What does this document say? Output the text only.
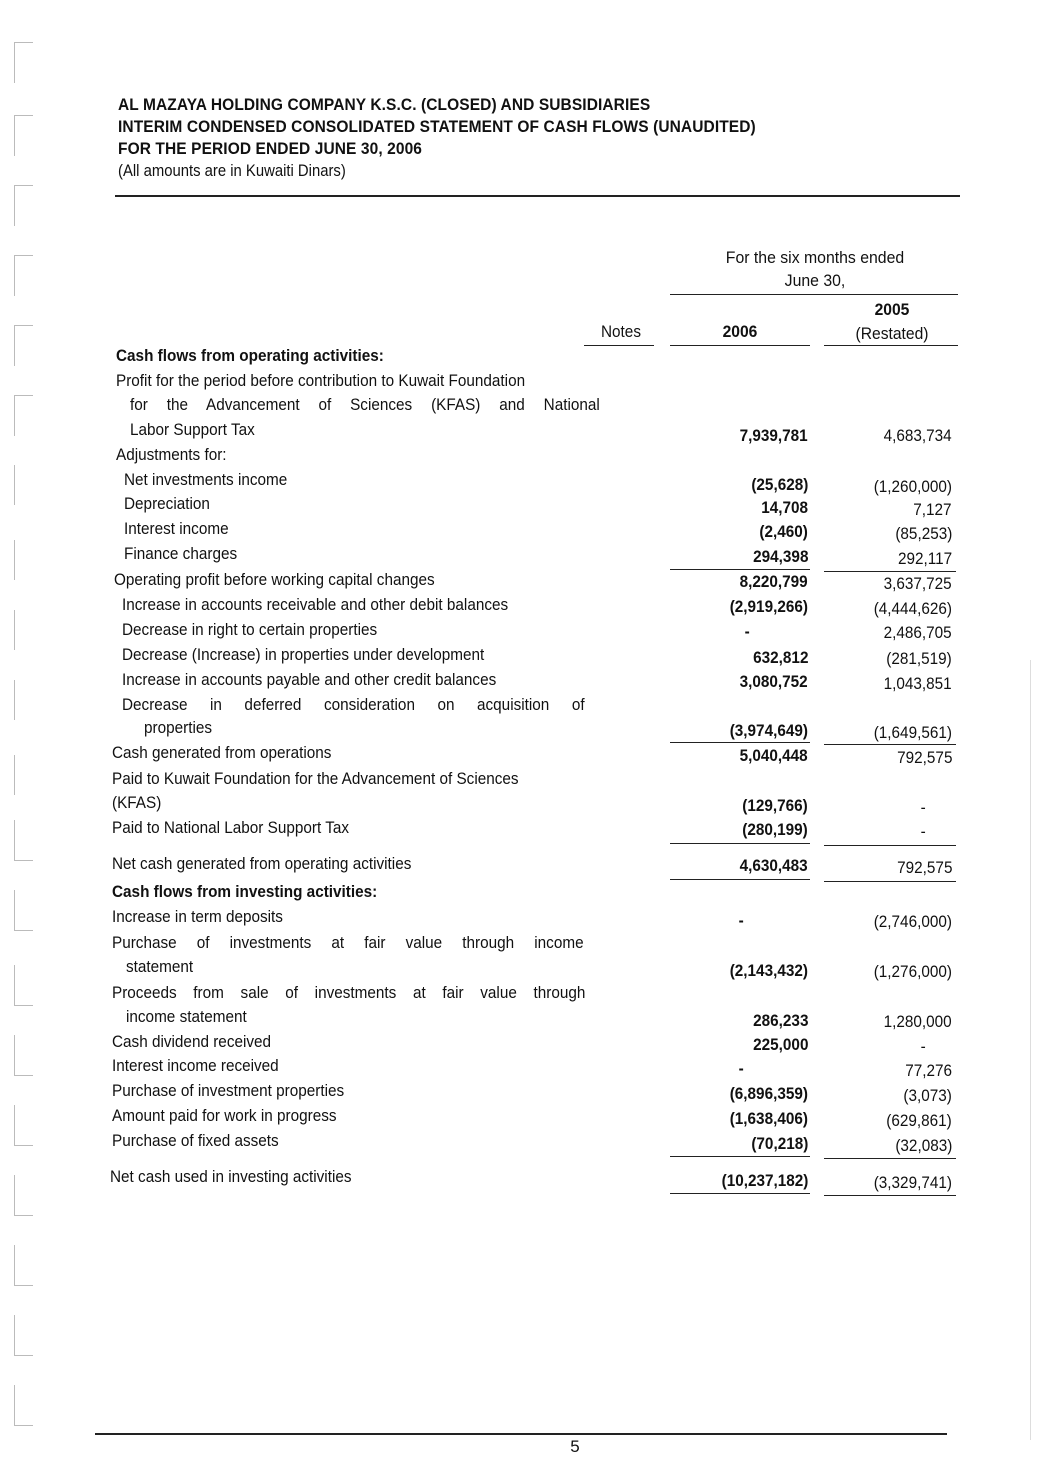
AL MAZAYA HOLDING COMPANY K.S.C. (CLOSED) AND SUBSIDIARIES
INTERIM CONDENSED CONSOLIDATED STATEMENT OF CASH FLOWS (UNAUDITED)
FOR THE PERIOD ENDED JUNE 30, 2006
(All amounts are in Kuwaiti Dinars)
For the six months ended
June 30,
Notes	2006
2005
(Restated)
Cash flows from operating activities:
Profit for the period before contribution to Kuwait Foundation
for the Advancement of Sciences (KFAS) and National
Labor Support Tax	7,939,781	4,683,734
Adjustments for:
Net investments income	(25,628)	(1,260,000)
Depreciation	14,708	7,127
Interest income	(2,460)	(85,253)
Finance charges	294,398	292,117
Operating profit before working capital changes	8,220,799	3,637,725
Increase in accounts receivable and other debit balances	(2,919,266)	(4,444,626)
Decrease in right to certain properties	-	2,486,705
Decrease (Increase) in properties under development	632,812	(281,519)
Increase in accounts payable and other credit balances	3,080,752	1,043,851
Decrease in deferred consideration on acquisition of
properties	(3,974,649)	(1,649,561)
Cash generated from operations	5,040,448	792,575
Paid to Kuwait Foundation for the Advancement of Sciences
(KFAS)	(129,766)	-
Paid to National Labor Support Tax	(280,199)	-
Net cash generated from operating activities	4,630,483	792,575
Cash flows from investing activities:
Increase in term deposits	-	(2,746,000)
Purchase of investments at fair value through income
statement	(2,143,432)	(1,276,000)
Proceeds from sale of investments at fair value through
income statement	286,233	1,280,000
Cash dividend received	225,000	-
Interest income received	-	77,276
Purchase of investment properties	(6,896,359)	(3,073)
Amount paid for work in progress	(1,638,406)	(629,861)
Purchase of fixed assets	(70,218)	(32,083)
Net cash used in investing activities	(10,237,182)	(3,329,741)
5
